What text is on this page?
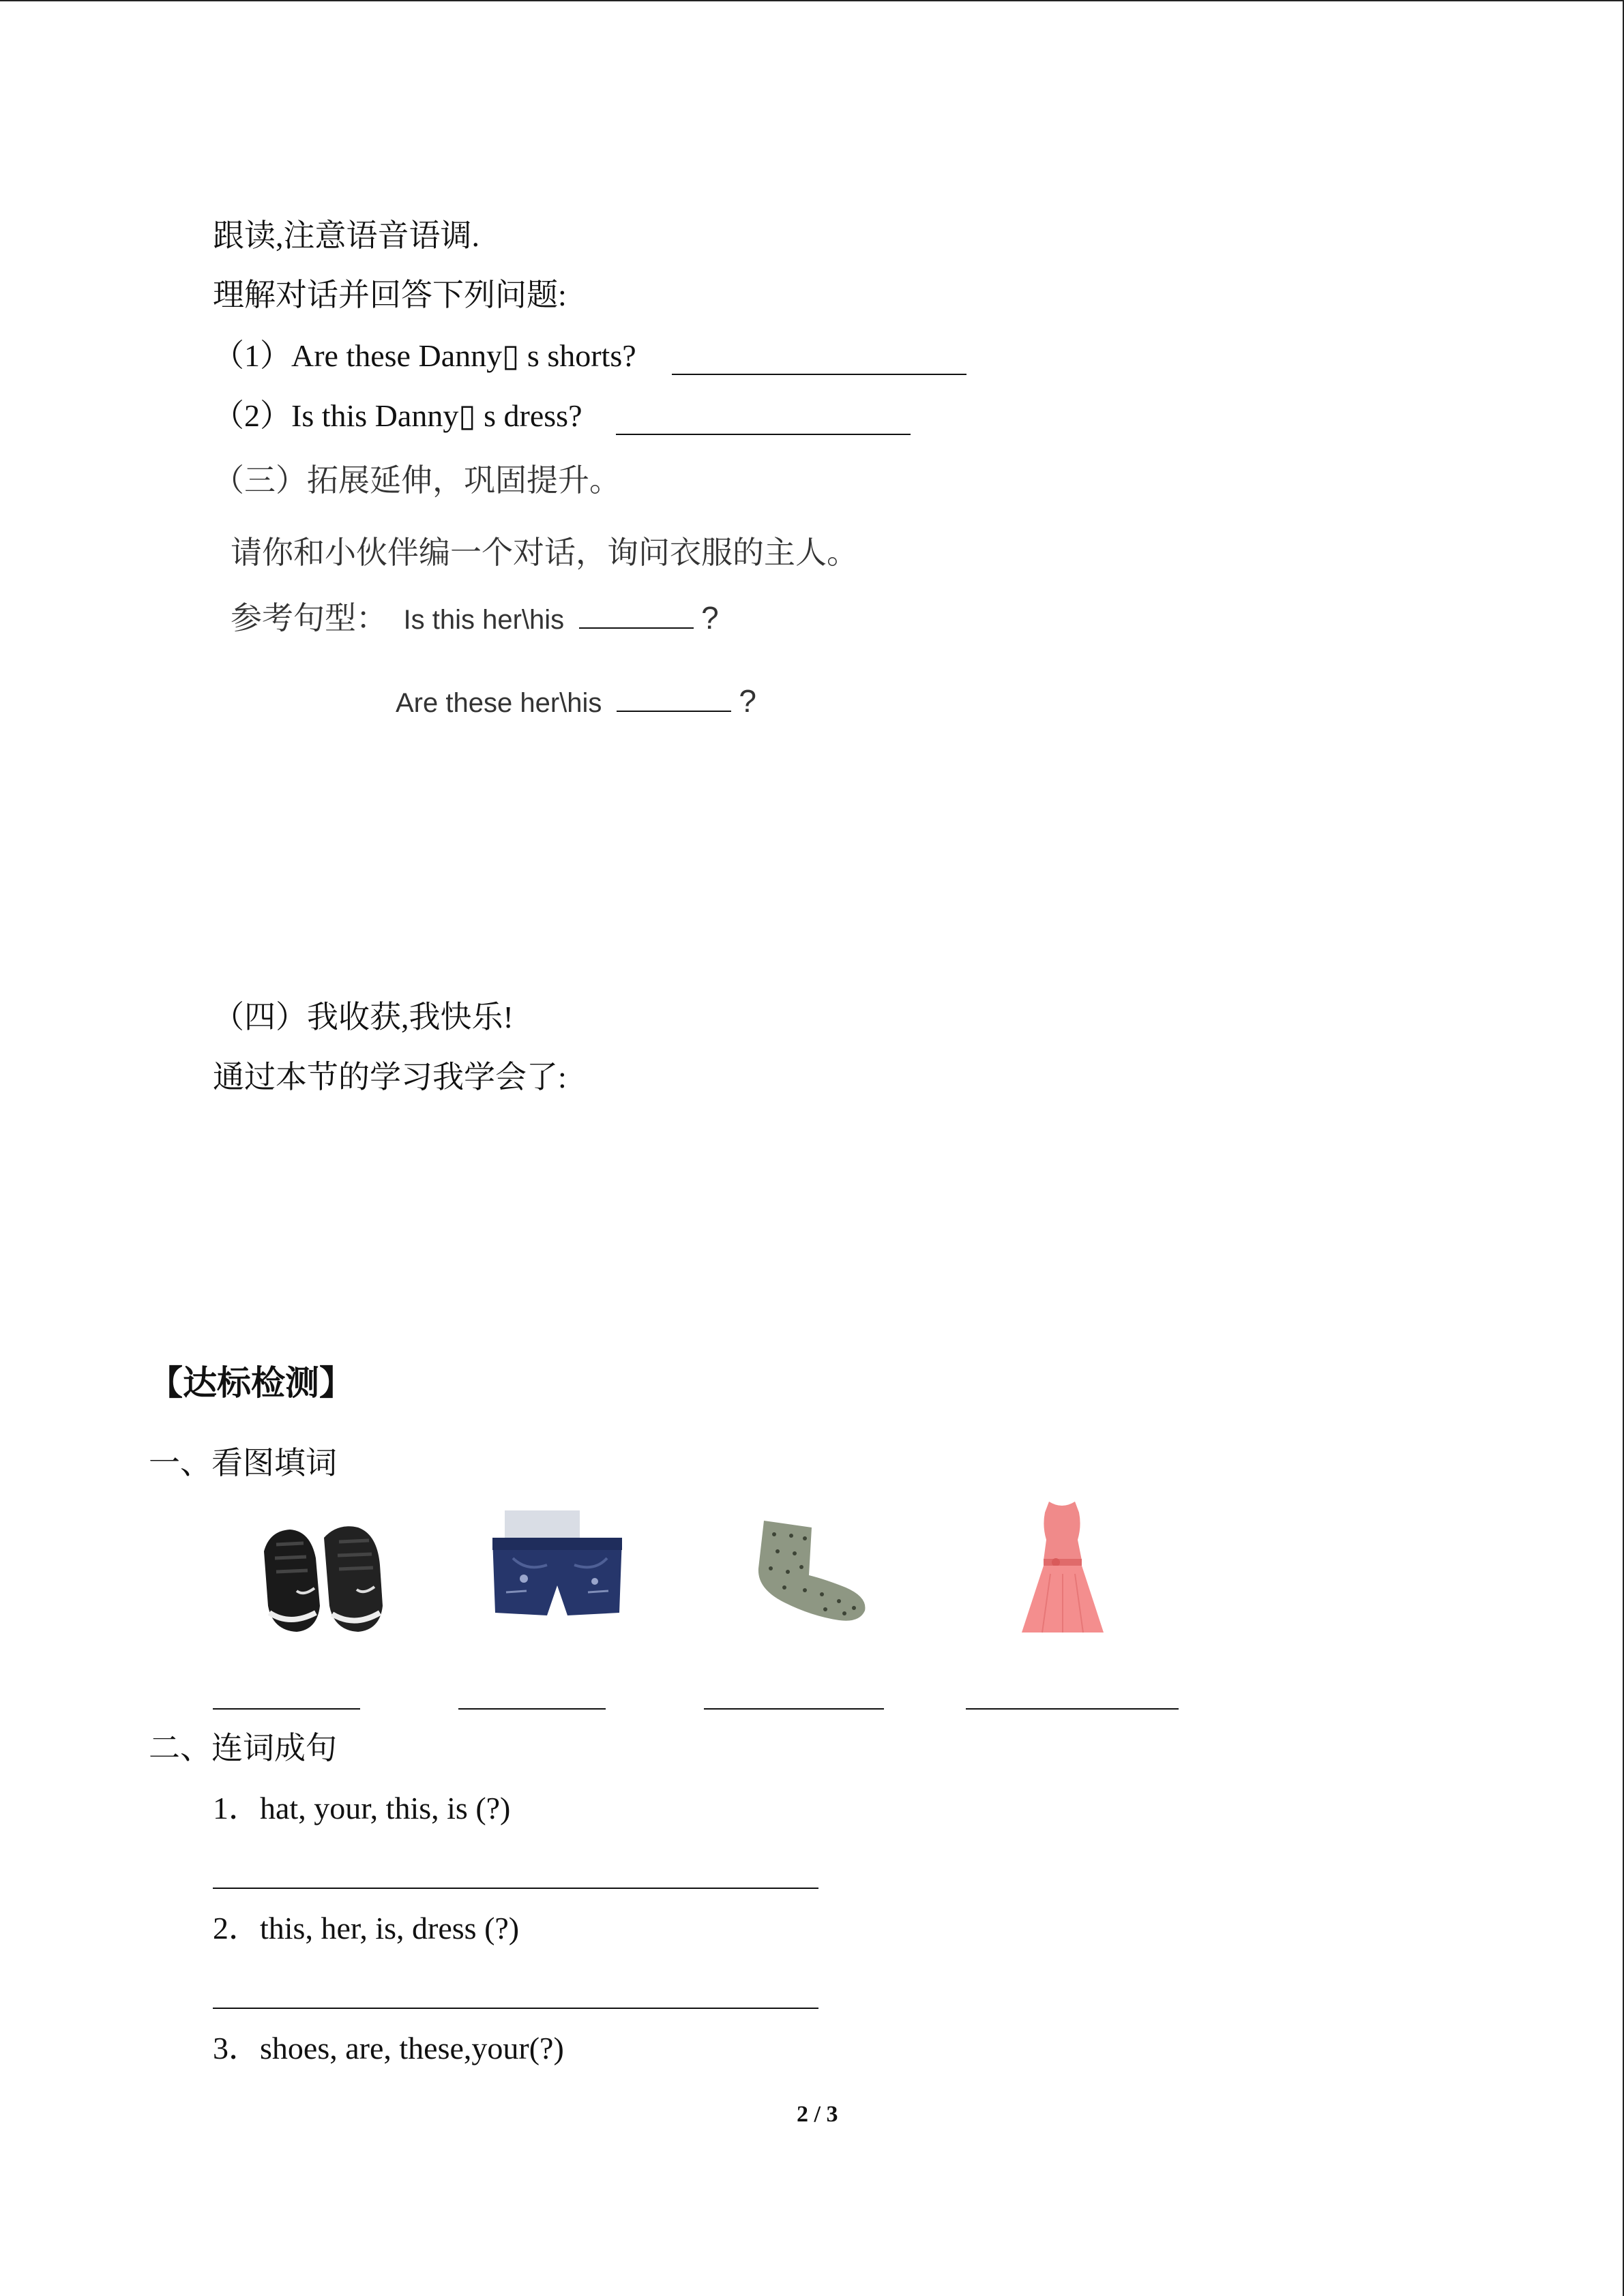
跟读,注意语音语调.
理解对话并回答下列问题:
（1）Are these Danny▯ s shorts?
（2）Is this Danny▯ s dress?
（三）拓展延伸，巩固提升。
请你和小伙伴编一个对话，询问衣服的主人。
参考句型： Is this her\his	?
Are these her\his	?
（四）我收获,我快乐!
通过本节的学习我学会了:
【达标检测】
一、看图填词
二、连词成句
1．hat, your, this, is (?)
2．this, her, is, dress (?)
3．shoes, are, these,your(?)
2 / 3
